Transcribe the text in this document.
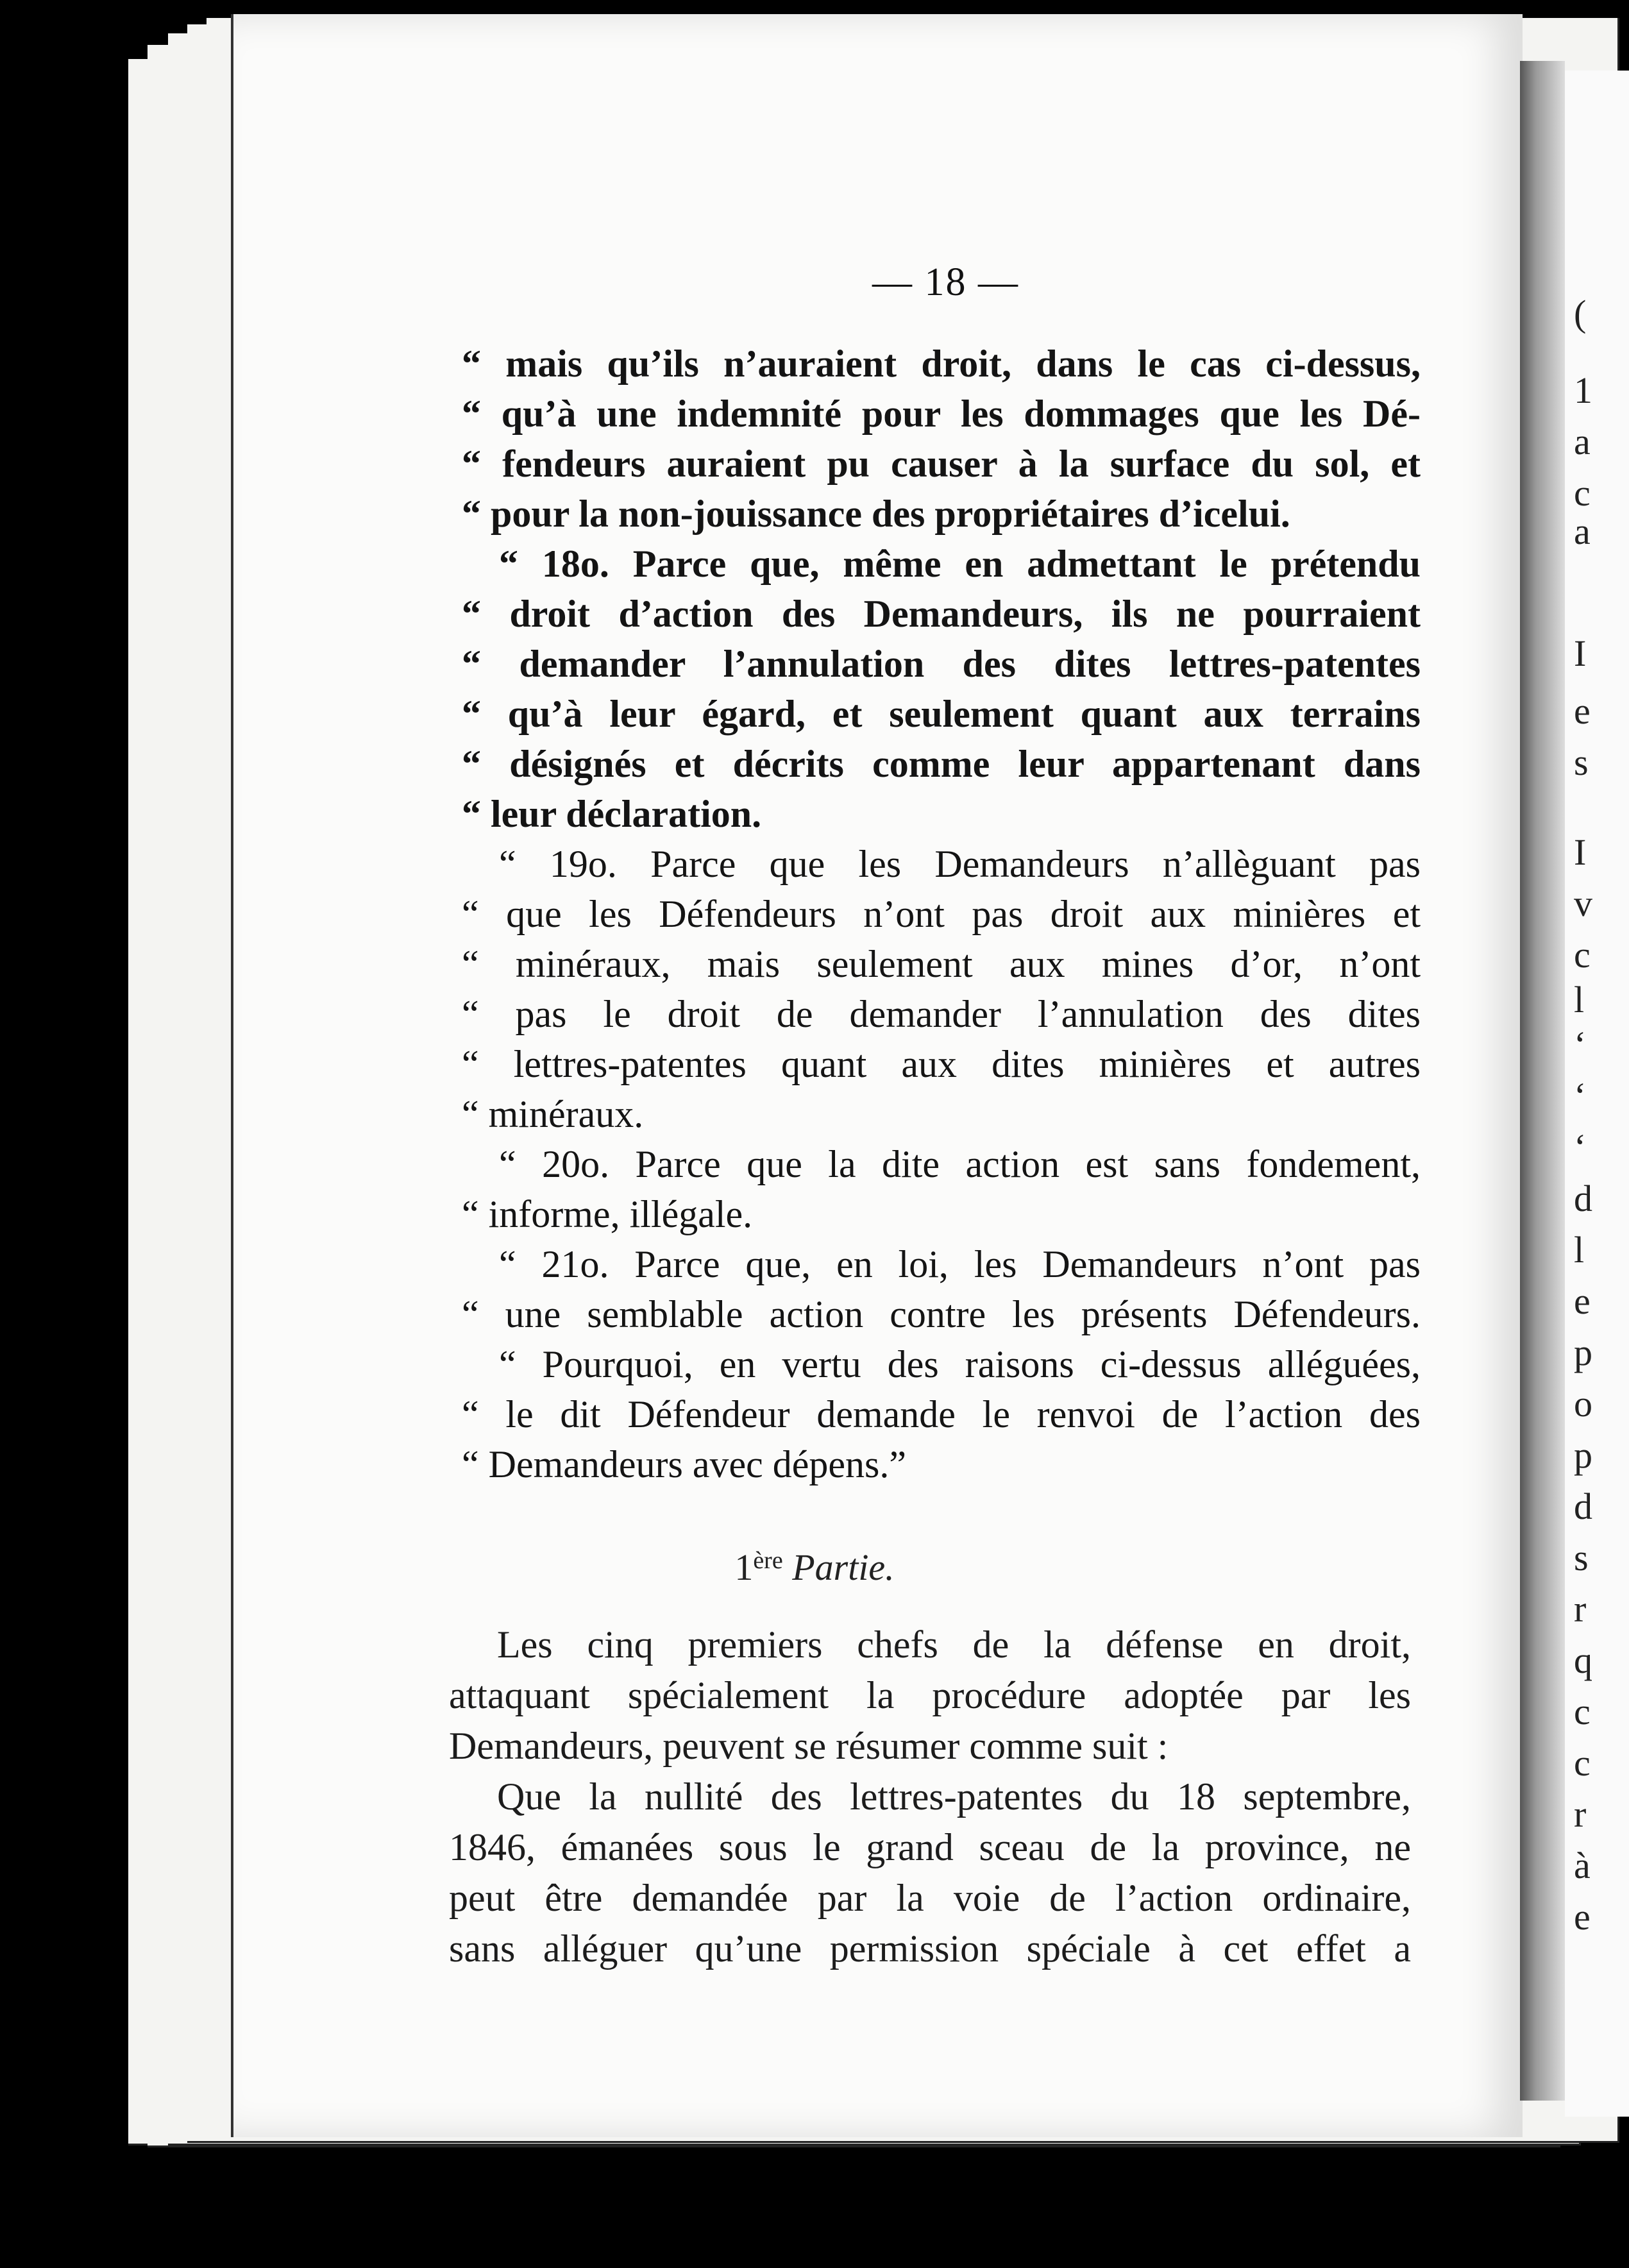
(
1
a
c
a
I
e
s
I
v
c
l
‘
‘
‘
d
l
e
p
o
p
d
s
r
q
c
c
r
à
e
— 18 —
“ mais qu’ils n’auraient droit, dans le cas ci-dessus,
“ qu’à une indemnité pour les dommages que les Dé-
“ fendeurs auraient pu causer à la surface du sol, et
“ pour la non-jouissance des propriétaires d’icelui.
“ 18o. Parce que, même en admettant le prétendu
“ droit d’action des Demandeurs, ils ne pourraient
“ demander l’annulation des dites lettres-patentes
“ qu’à leur égard, et seulement quant aux terrains
“ désignés et décrits comme leur appartenant dans
“ leur déclaration.
“ 19o. Parce que les Demandeurs n’allèguant pas
“ que les Défendeurs n’ont pas droit aux minières et
“ minéraux, mais seulement aux mines d’or, n’ont
“ pas le droit de demander l’annulation des dites
“ lettres-patentes quant aux dites minières et autres
“ minéraux.
“ 20o. Parce que la dite action est sans fondement,
“ informe, illégale.
“ 21o. Parce que, en loi, les Demandeurs n’ont pas
“ une semblable action contre les présents Défendeurs.
“ Pourquoi, en vertu des raisons ci-dessus alléguées,
“ le dit Défendeur demande le renvoi de l’action des
“ Demandeurs avec dépens.”
1ère Partie.
Les cinq premiers chefs de la défense en droit,
attaquant spécialement la procédure adoptée par les
Demandeurs, peuvent se résumer comme suit :
Que la nullité des lettres-patentes du 18 septembre,
1846, émanées sous le grand sceau de la province, ne
peut être demandée par la voie de l’action ordinaire,
sans alléguer qu’une permission spéciale à cet effet a
